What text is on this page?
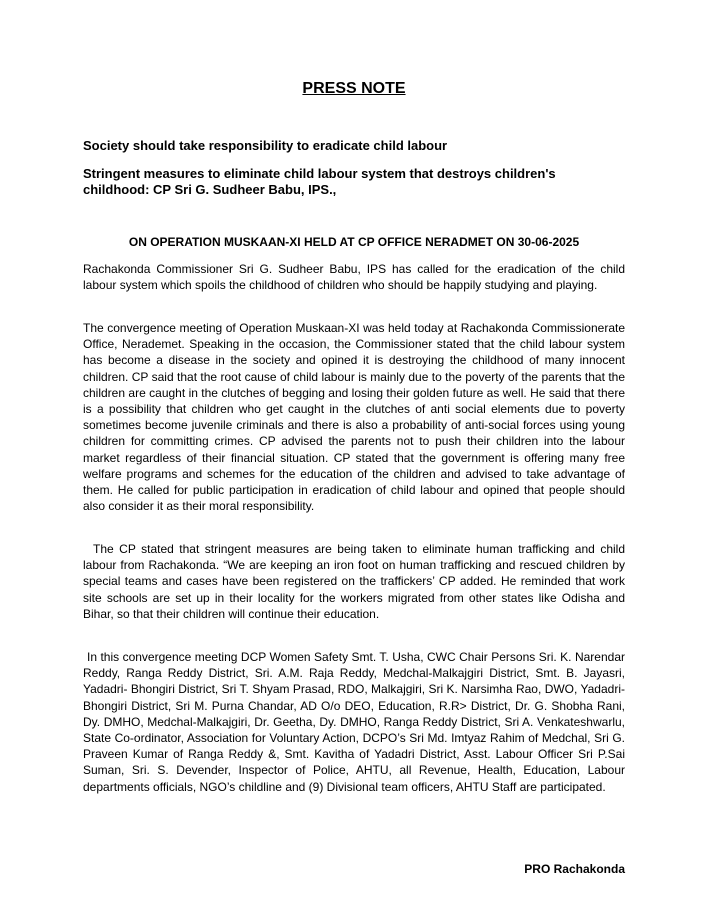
PRESS NOTE

Society should take responsibility to eradicate child labour

Stringent measures to eliminate child labour system that destroys children's childhood: CP Sri G. Sudheer Babu, IPS.,

ON OPERATION MUSKAAN-XI HELD AT CP OFFICE NERADMET ON 30-06-2025

Rachakonda Commissioner Sri G. Sudheer Babu, IPS has called for the eradication of the child labour system which spoils the childhood of children who should be happily studying and playing.

The convergence meeting of Operation Muskaan-XI was held today at Rachakonda Commissionerate Office, Nerademet. Speaking in the occasion, the Commissioner stated that the child labour system has become a disease in the society and opined it is destroying the childhood of many innocent children. CP said that the root cause of child labour is mainly due to the poverty of the parents that the children are caught in the clutches of begging and losing their golden future as well. He said that there is a possibility that children who get caught in the clutches of anti social elements due to poverty sometimes become juvenile criminals and there is also a probability of anti-social forces using young children for committing crimes. CP advised the parents not to push their children into the labour market regardless of their financial situation. CP stated that the government is offering many free welfare programs and schemes for the education of the children and advised to take advantage of them. He called for public participation in eradication of child labour and opined that people should also consider it as their moral responsibility.

The CP stated that stringent measures are being taken to eliminate human trafficking and child labour from Rachakonda. “We are keeping an iron foot on human trafficking and rescued children by special teams and cases have been registered on the traffickers’ CP added. He reminded that work site schools are set up in their locality for the workers migrated from other states like Odisha and Bihar, so that their children will continue their education.

In this convergence meeting DCP Women Safety Smt. T. Usha, CWC Chair Persons Sri. K. Narendar Reddy, Ranga Reddy District, Sri. A.M. Raja Reddy, Medchal-Malkajgiri District, Smt. B. Jayasri, Yadadri- Bhongiri District, Sri T. Shyam Prasad, RDO, Malkajgiri, Sri K. Narsimha Rao, DWO, Yadadri- Bhongiri District, Sri M. Purna Chandar, AD O/o DEO, Education, R.R> District, Dr. G. Shobha Rani, Dy. DMHO, Medchal-Malkajgiri, Dr. Geetha, Dy. DMHO, Ranga Reddy District, Sri A. Venkateshwarlu, State Co-ordinator, Association for Voluntary Action, DCPO’s Sri Md. Imtyaz Rahim of Medchal, Sri G. Praveen Kumar of Ranga Reddy &, Smt. Kavitha of Yadadri District, Asst. Labour Officer Sri P.Sai Suman, Sri. S. Devender, Inspector of Police, AHTU, all Revenue, Health, Education, Labour departments officials, NGO’s childline and (9) Divisional team officers, AHTU Staff are participated.

PRO Rachakonda
